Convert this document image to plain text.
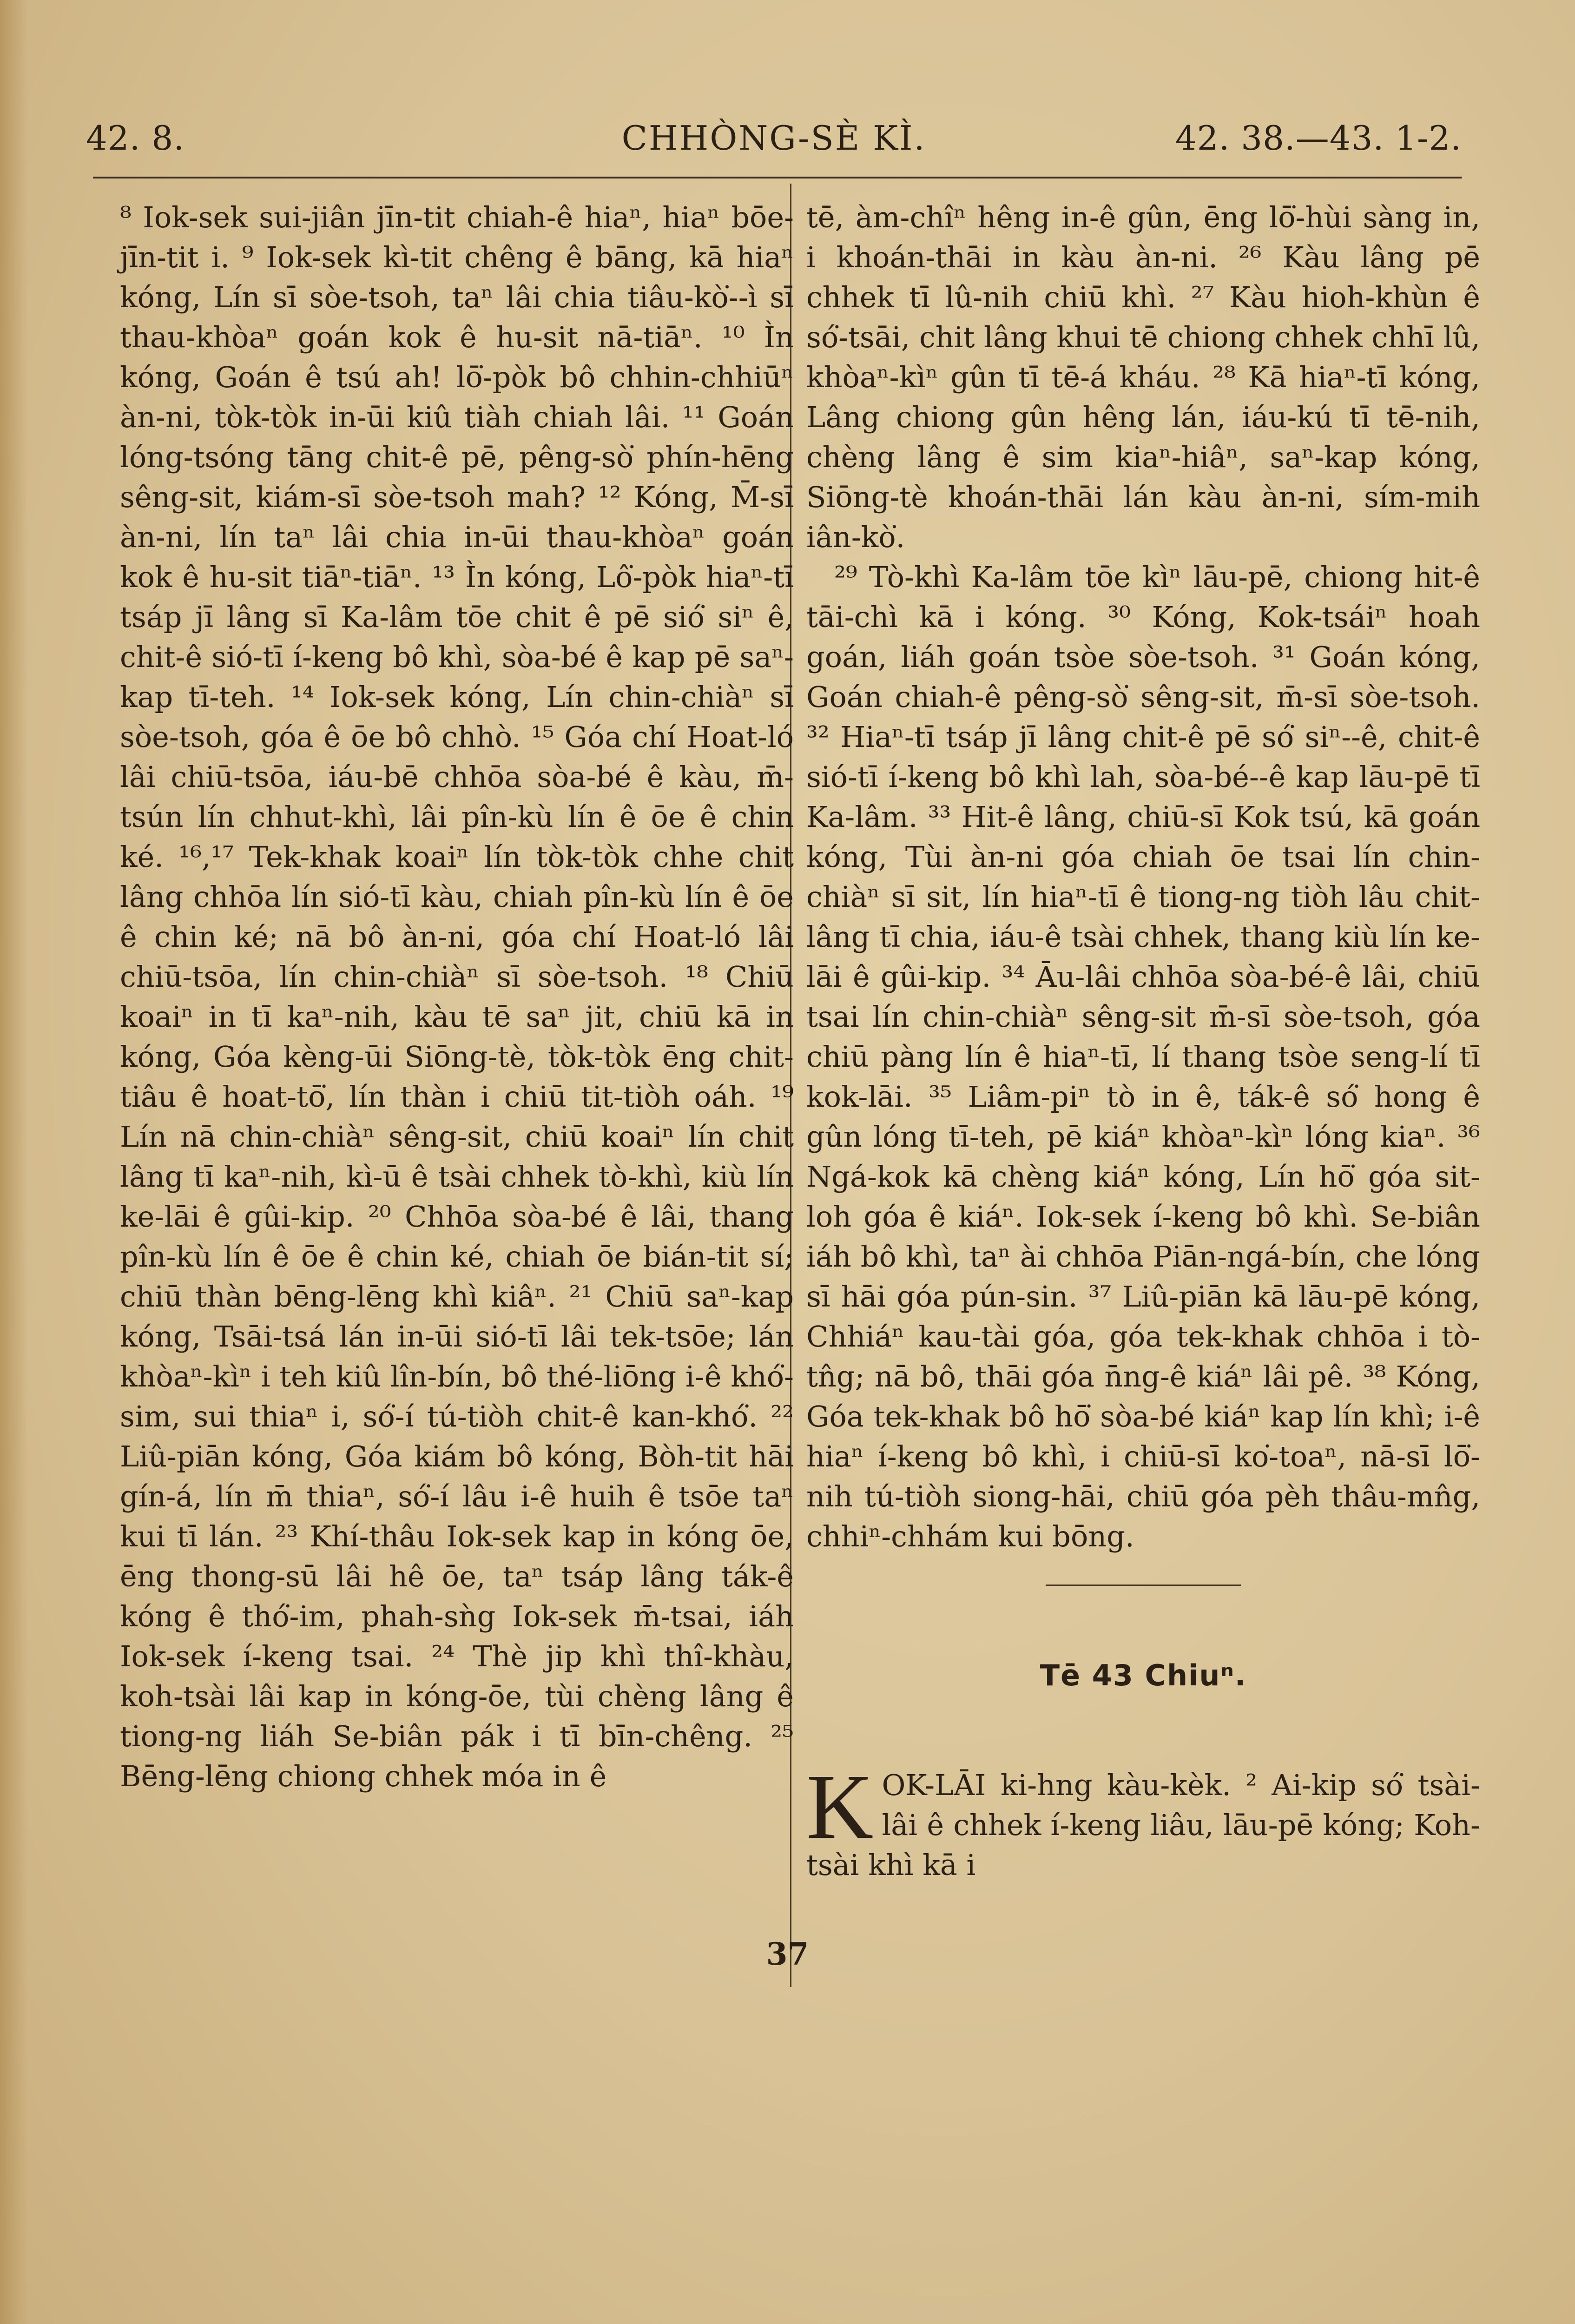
42. 8.	CHHÒNG-SÈ KÌ.	42. 38.—43. 1-2.

⁸ Iok-sek sui-jiân jīn-tit chiah-ê hiaⁿ, hiaⁿ bōe-jīn-tit i. ⁹ Iok-sek kì-tit chêng ê bāng, kā hiaⁿ kóng, Lín sī sòe-tsoh, taⁿ lâi chia tiâu-kò͘--ì sī thau-khòaⁿ goán kok ê hu-sit nā-tiāⁿ. ¹⁰ Ìn kóng, Goán ê tsú ah! lō͘-pòk bô chhin-chhiūⁿ àn-ni, tòk-tòk in-ūi kiû tiàh chiah lâi. ¹¹ Goán lóng-tsóng tāng chit-ê pē, pêng-sò͘ phín-hēng sêng-sit, kiám-sī sòe-tsoh mah? ¹² Kóng, M̄-sī àn-ni, lín taⁿ lâi chia in-ūi thau-khòaⁿ goán kok ê hu-sit tiāⁿ-tiāⁿ. ¹³ Ìn kóng, Lô͘-pòk hiaⁿ-tī tsáp jī lâng sī Ka-lâm tōe chit ê pē sió͘ siⁿ ê, chit-ê sió-tī í-keng bô khì, sòa-bé ê kap pē saⁿ-kap tī-teh. ¹⁴ Iok-sek kóng, Lín chin-chiàⁿ sī sòe-tsoh, góa ê ōe bô chhò. ¹⁵ Góa chí Hoat-ló lâi chiū-tsōa, iáu-bē chhōa sòa-bé ê kàu, m̄-tsún lín chhut-khì, lâi pîn-kù lín ê ōe ê chin ké. ¹⁶,¹⁷ Tek-khak koaiⁿ lín tòk-tòk chhe chit lâng chhōa lín sió-tī kàu, chiah pîn-kù lín ê ōe ê chin ké; nā bô àn-ni, góa chí Hoat-ló lâi chiū-tsōa, lín chin-chiàⁿ sī sòe-tsoh. ¹⁸ Chiū koaiⁿ in tī kaⁿ-nih, kàu tē saⁿ jit, chiū kā in kóng, Góa kèng-ūi Siōng-tè, tòk-tòk ēng chit-tiâu ê hoat-tō͘, lín thàn i chiū tit-tiòh oáh. ¹⁹ Lín nā chin-chiàⁿ sêng-sit, chiū koaiⁿ lín chit lâng tī kaⁿ-nih, kì-ū ê tsài chhek tò-khì, kiù lín ke-lāi ê gûi-kip. ²⁰ Chhōa sòa-bé ê lâi, thang pîn-kù lín ê ōe ê chin ké, chiah ōe bián-tit sí; chiū thàn bēng-lēng khì kiâⁿ. ²¹ Chiū saⁿ-kap kóng, Tsāi-tsá lán in-ūi sió-tī lâi tek-tsōe; lán khòaⁿ-kìⁿ i teh kiû lîn-bín, bô thé-liōng i-ê khó͘-sim, sui thiaⁿ i, só͘-í tú-tiòh chit-ê kan-khó͘. ²² Liû-piān kóng, Góa kiám bô kóng, Bòh-tit hāi gín-á, lín m̄ thiaⁿ, só͘-í lâu i-ê huih ê tsōe taⁿ kui tī lán. ²³ Khí-thâu Iok-sek kap in kóng ōe, ēng thong-sū lâi hê ōe, taⁿ tsáp lâng ták-ê kóng ê thó͘-im, phah-sǹg Iok-sek m̄-tsai, iáh Iok-sek í-keng tsai. ²⁴ Thè jip khì thî-khàu, koh-tsài lâi kap in kóng-ōe, tùi chèng lâng ê tiong-ng liáh Se-biân pák i tī bīn-chêng. ²⁵ Bēng-lēng chiong chhek móa in ê

tē, àm-chîⁿ hêng in-ê gûn, ēng lō͘-hùi sàng in, i khoán-thāi in kàu àn-ni. ²⁶ Kàu lâng pē chhek tī lû-nih chiū khì. ²⁷ Kàu hioh-khùn ê só͘-tsāi, chit lâng khui tē chiong chhek chhī lû, khòaⁿ-kìⁿ gûn tī tē-á kháu. ²⁸ Kā hiaⁿ-tī kóng, Lâng chiong gûn hêng lán, iáu-kú tī tē-nih, chèng lâng ê sim kiaⁿ-hiâⁿ, saⁿ-kap kóng, Siōng-tè khoán-thāi lán kàu àn-ni, sím-mih iân-kò͘.

²⁹ Tò-khì Ka-lâm tōe kìⁿ lāu-pē, chiong hit-ê tāi-chì kā i kóng. ³⁰ Kóng, Kok-tsáiⁿ hoah goán, liáh goán tsòe sòe-tsoh. ³¹ Goán kóng, Goán chiah-ê pêng-sò͘ sêng-sit, m̄-sī sòe-tsoh. ³² Hiaⁿ-tī tsáp jī lâng chit-ê pē só͘ siⁿ--ê, chit-ê sió-tī í-keng bô khì lah, sòa-bé--ê kap lāu-pē tī Ka-lâm. ³³ Hit-ê lâng, chiū-sī Kok tsú, kā goán kóng, Tùi àn-ni góa chiah ōe tsai lín chin-chiàⁿ sī sit, lín hiaⁿ-tī ê tiong-ng tiòh lâu chit-lâng tī chia, iáu-ê tsài chhek, thang kiù lín ke-lāi ê gûi-kip. ³⁴ Āu-lâi chhōa sòa-bé-ê lâi, chiū tsai lín chin-chiàⁿ sêng-sit m̄-sī sòe-tsoh, góa chiū pàng lín ê hiaⁿ-tī, lí thang tsòe seng-lí tī kok-lāi. ³⁵ Liâm-piⁿ tò in ê, ták-ê só͘ hong ê gûn lóng tī-teh, pē kiáⁿ khòaⁿ-kìⁿ lóng kiaⁿ. ³⁶ Ngá-kok kā chèng kiáⁿ kóng, Lín hō͘ góa sit-loh góa ê kiáⁿ. Iok-sek í-keng bô khì. Se-biân iáh bô khì, taⁿ ài chhōa Piān-ngá-bín, che lóng sī hāi góa pún-sin. ³⁷ Liû-piān kā lāu-pē kóng, Chhiáⁿ kau-tài góa, góa tek-khak chhōa i tò-tn̂g; nā bô, thāi góa n̄ng-ê kiáⁿ lâi pê. ³⁸ Kóng, Góa tek-khak bô hō͘ sòa-bé kiáⁿ kap lín khì; i-ê hiaⁿ í-keng bô khì, i chiū-sī ko͘-toaⁿ, nā-sī lō͘-nih tú-tiòh siong-hāi, chiū góa pèh thâu-mn̂g, chhiⁿ-chhám kui bōng.

Tē 43 Chiuⁿ.

K OK-LĀI ki-hng kàu-kèk. ² Ai-kip só͘ tsài-lâi ê chhek í-keng liâu, lāu-pē kóng; Koh-tsài khì kā i

37
